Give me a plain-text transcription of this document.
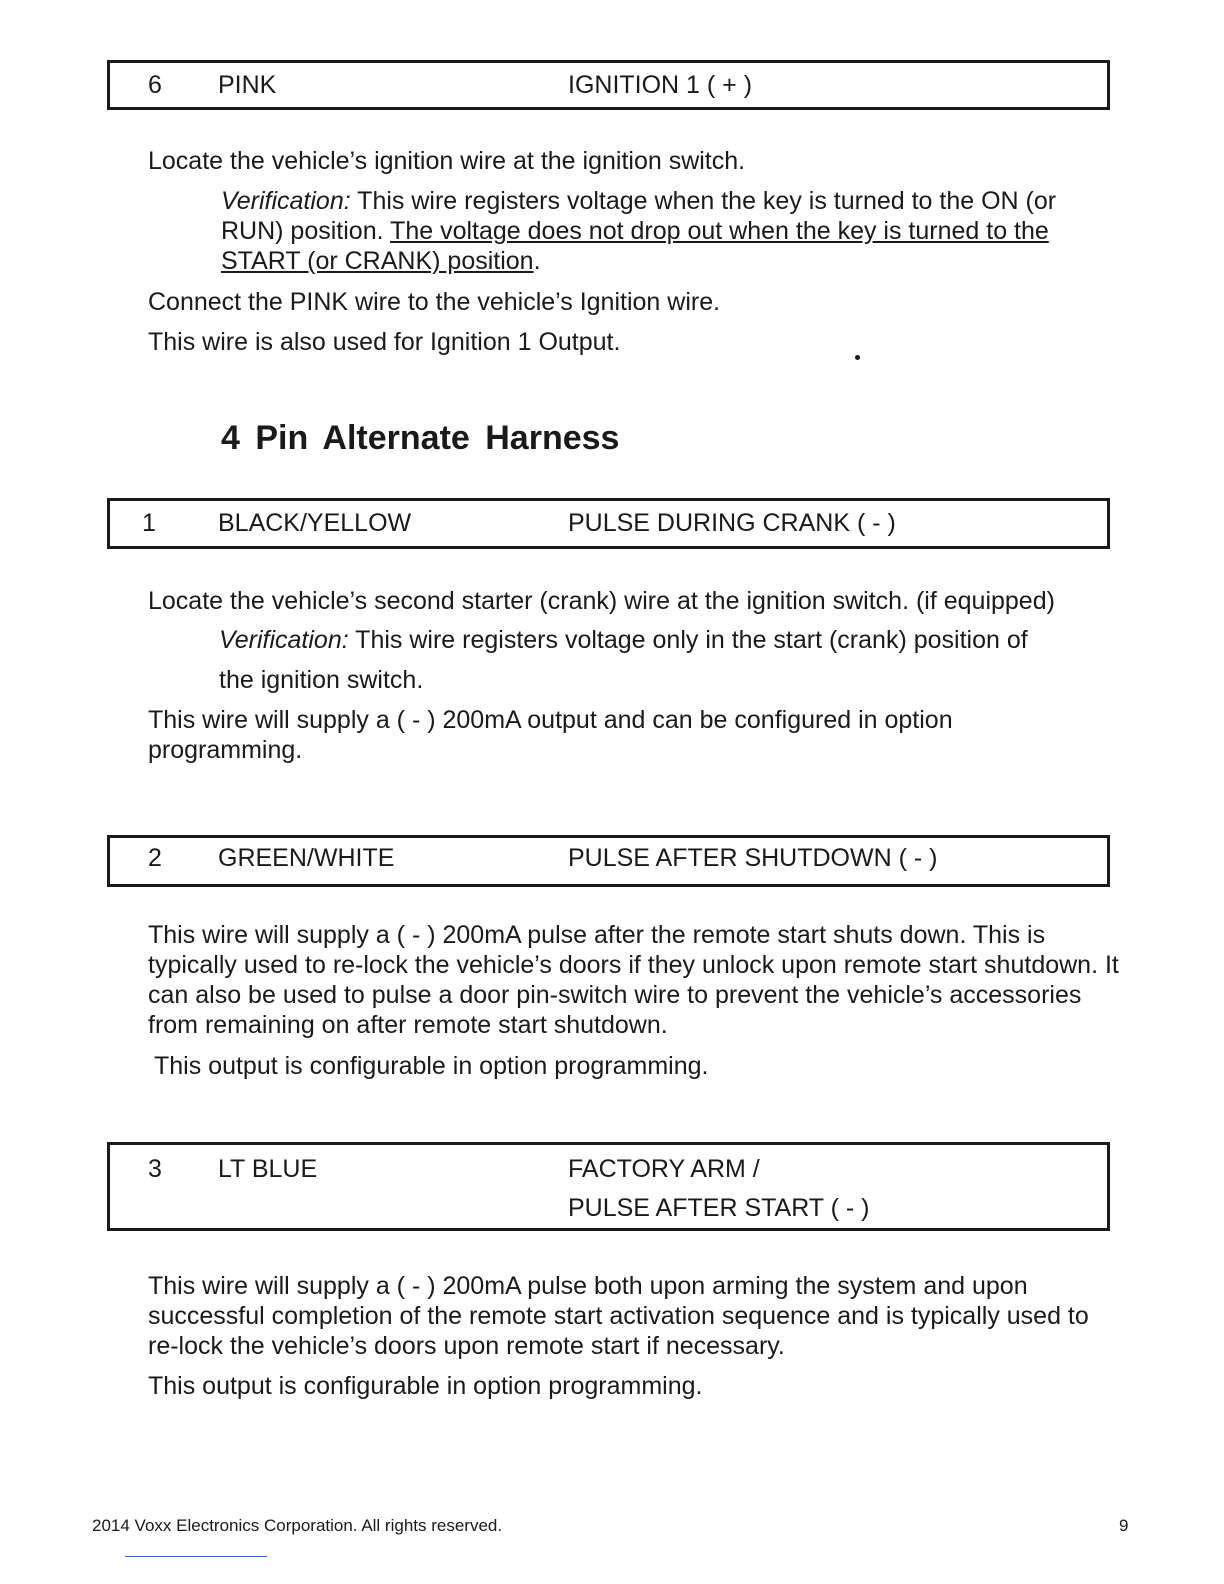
6 PINK	IGNITION 1 ( + )

Locate the vehicle’s ignition wire at the ignition switch.

Verification: This wire registers voltage when the key is turned to the ON (or RUN) position. The voltage does not drop out when the key is turned to the START (or CRANK) position.

Connect the PINK wire to the vehicle’s Ignition wire.

This wire is also used for Ignition 1 Output.

4 Pin Alternate Harness
1 BLACK/YELLOW	PULSE DURING CRANK ( - )

Locate the vehicle’s second starter (crank) wire at the ignition switch. (if equipped)

Verification: This wire registers voltage only in the start (crank) position of

the ignition switch.

This wire will supply a ( - ) 200mA output and can be configured in option programming.

2 GREEN/WHITE	PULSE AFTER SHUTDOWN ( - )

This wire will supply a ( - ) 200mA pulse after the remote start shuts down. This is typically used to re-lock the vehicle’s doors if they unlock upon remote start shutdown. It can also be used to pulse a door pin-switch wire to prevent the vehicle’s accessories from remaining on after remote start shutdown.

This output is configurable in option programming.

3 LT BLUE	FACTORY ARM /
PULSE AFTER START ( - )

This wire will supply a ( - ) 200mA pulse both upon arming the system and upon successful completion of the remote start activation sequence and is typically used to re-lock the vehicle’s doors upon remote start if necessary.

This output is configurable in option programming.

2014 Voxx Electronics Corporation. All rights reserved.	9
